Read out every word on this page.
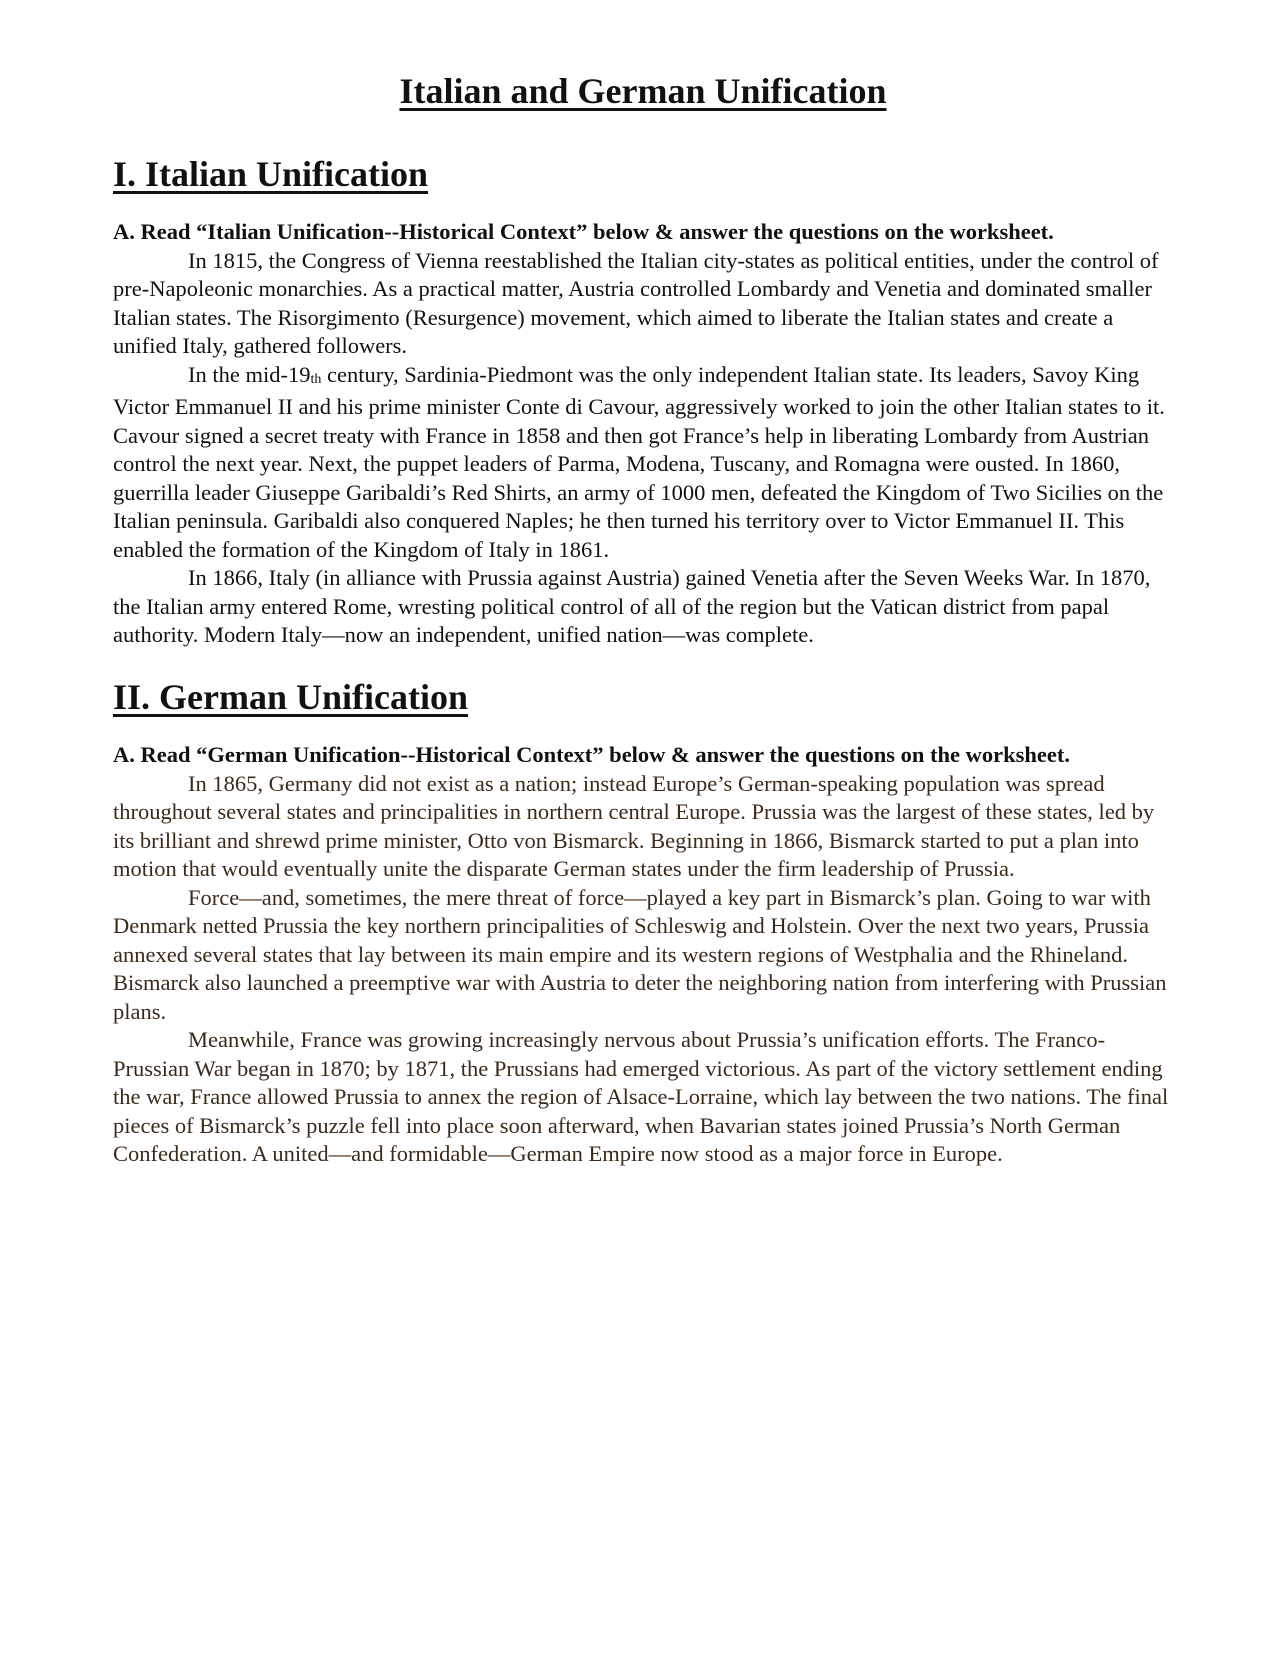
Italian and German Unification
I. Italian Unification

A. Read “Italian Unification--Historical Context” below & answer the questions on the worksheet.

In 1815, the Congress of Vienna reestablished the Italian city-states as political entities, under the control of pre-Napoleonic monarchies. As a practical matter, Austria controlled Lombardy and Venetia and dominated smaller Italian states. The Risorgimento (Resurgence) movement, which aimed to liberate the Italian states and create a unified Italy, gathered followers.

In the mid-19th century, Sardinia-Piedmont was the only independent Italian state. Its leaders, Savoy King Victor Emmanuel II and his prime minister Conte di Cavour, aggressively worked to join the other Italian states to it. Cavour signed a secret treaty with France in 1858 and then got France’s help in liberating Lombardy from Austrian control the next year. Next, the puppet leaders of Parma, Modena, Tuscany, and Romagna were ousted. In 1860, guerrilla leader Giuseppe Garibaldi’s Red Shirts, an army of 1000 men, defeated the Kingdom of Two Sicilies on the Italian peninsula. Garibaldi also conquered Naples; he then turned his territory over to Victor Emmanuel II. This enabled the formation of the Kingdom of Italy in 1861.

In 1866, Italy (in alliance with Prussia against Austria) gained Venetia after the Seven Weeks War. In 1870, the Italian army entered Rome, wresting political control of all of the region but the Vatican district from papal authority. Modern Italy—now an independent, unified nation—was complete.

II. German Unification

A. Read “German Unification--Historical Context” below & answer the questions on the worksheet.

In 1865, Germany did not exist as a nation; instead Europe’s German-speaking population was spread throughout several states and principalities in northern central Europe. Prussia was the largest of these states, led by its brilliant and shrewd prime minister, Otto von Bismarck. Beginning in 1866, Bismarck started to put a plan into motion that would eventually unite the disparate German states under the firm leadership of Prussia.

Force—and, sometimes, the mere threat of force—played a key part in Bismarck’s plan. Going to war with Denmark netted Prussia the key northern principalities of Schleswig and Holstein. Over the next two years, Prussia annexed several states that lay between its main empire and its western regions of Westphalia and the Rhineland. Bismarck also launched a preemptive war with Austria to deter the neighboring nation from interfering with Prussian plans.

Meanwhile, France was growing increasingly nervous about Prussia’s unification efforts. The Franco-Prussian War began in 1870; by 1871, the Prussians had emerged victorious. As part of the victory settlement ending the war, France allowed Prussia to annex the region of Alsace-Lorraine, which lay between the two nations. The final pieces of Bismarck’s puzzle fell into place soon afterward, when Bavarian states joined Prussia’s North German Confederation. A united—and formidable—German Empire now stood as a major force in Europe.
